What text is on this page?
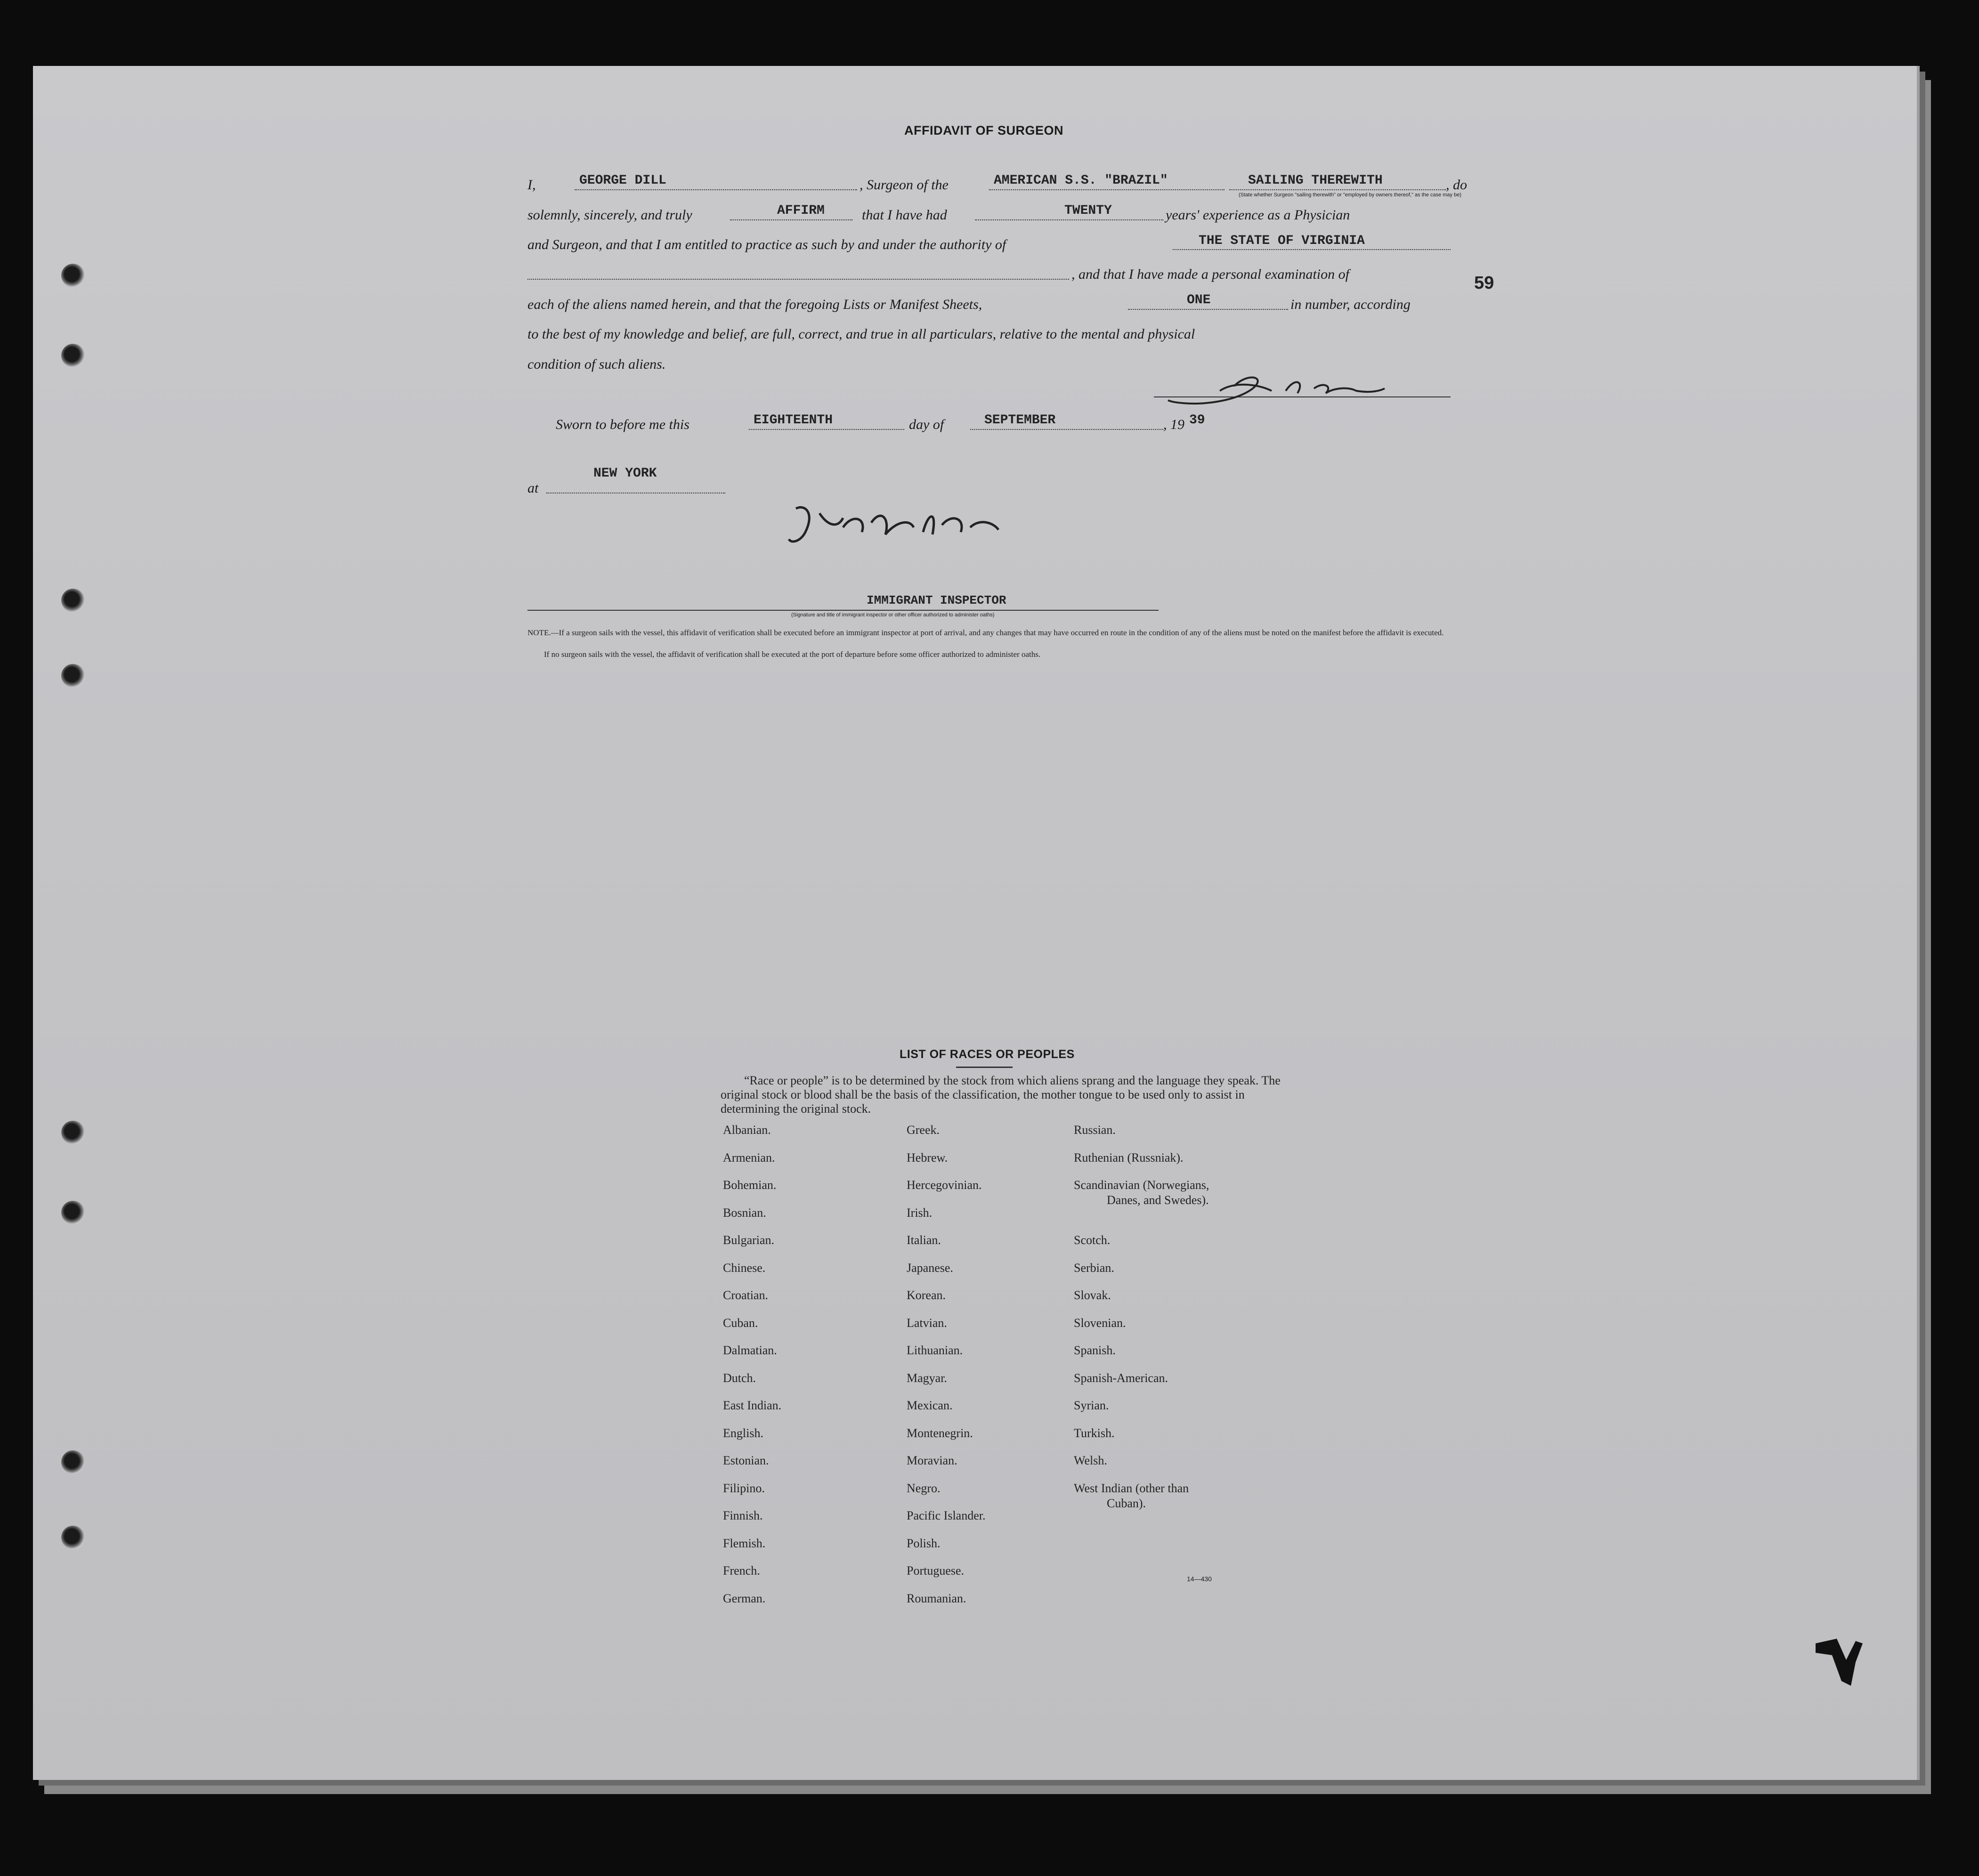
AFFIDAVIT OF SURGEON
I,	GEORGE DILL	, Surgeon of the	AMERICAN S.S. "BRAZIL"	SAILING THEREWITH	, do
(State whether Surgeon "sailing therewith" or "employed by owners thereof," as the case may be)
solemnly, sincerely, and truly	AFFIRM	that I have had	TWENTY	years' experience as a Physician
and Surgeon, and that I am entitled to practice as such by and under the authority of	THE STATE OF VIRGINIA
, and that I have made a personal examination of	59
each of the aliens named herein, and that the foregoing Lists or Manifest Sheets,	ONE	in number, according
to the best of my knowledge and belief, are full, correct, and true in all particulars, relative to the mental and physical
condition of such aliens.
Sworn to before me this	EIGHTEENTH	day of	SEPTEMBER	, 19 39
at
NEW YORK
IMMIGRANT INSPECTOR
(Signature and title of immigrant inspector or other officer authorized to administer oaths)
NOTE.—If a surgeon sails with the vessel, this affidavit of verification shall be executed before an immigrant inspector at port of arrival, and any changes that may have occurred en route in the condition of any of the aliens must be noted on the manifest before the affidavit is executed.
If no surgeon sails with the vessel, the affidavit of verification shall be executed at the port of departure before some officer authorized to administer oaths.
LIST OF RACES OR PEOPLES
“Race or people” is to be determined by the stock from which aliens sprang and the language they speak. The original stock or blood shall be the basis of the classification, the mother tongue to be used only to assist in determining the original stock.
Albanian.
Armenian.
Bohemian.
Bosnian.
Bulgarian.
Chinese.
Croatian.
Cuban.
Dalmatian.
Dutch.
East Indian.
English.
Estonian.
Filipino.
Finnish.
Flemish.
French.
German.
Greek.
Hebrew.
Hercegovinian.
Irish.
Italian.
Japanese.
Korean.
Latvian.
Lithuanian.
Magyar.
Mexican.
Montenegrin.
Moravian.
Negro.
Pacific Islander.
Polish.
Portuguese.
Roumanian.
Russian.
Ruthenian (Russniak).
Scandinavian (Norwegians,
Danes, and Swedes).
Scotch.
Serbian.
Slovak.
Slovenian.
Spanish.
Spanish-American.
Syrian.
Turkish.
Welsh.
West Indian (other than
Cuban).
14—430
